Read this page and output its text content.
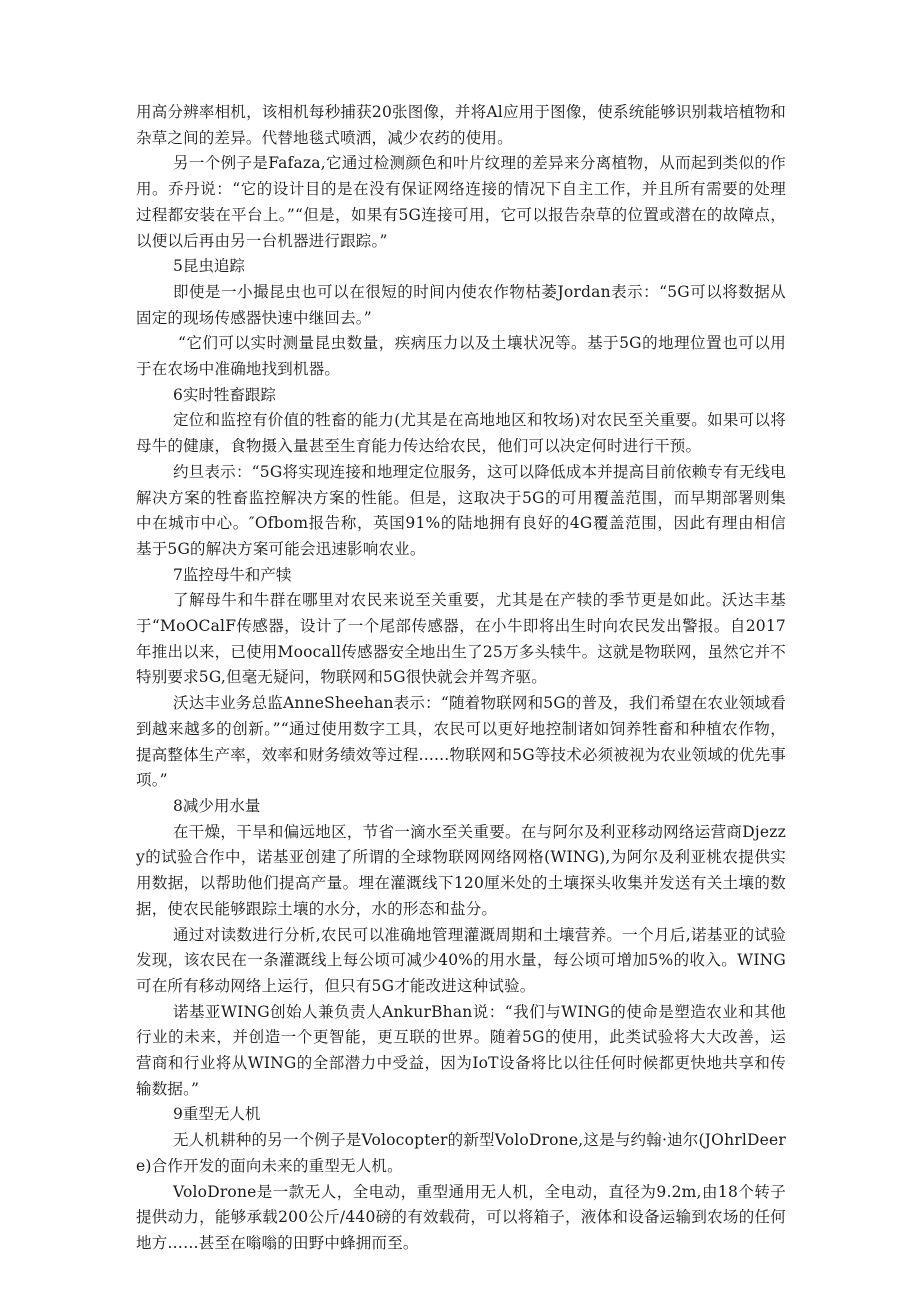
用高分辨率相机，该相机每秒捕获20张图像，并将Al应用于图像，使系统能够识别栽培植物和杂草之间的差异。代替地毯式喷洒，减少农药的使用。

另一个例子是Fafaza,它通过检测颜色和叶片纹理的差异来分离植物，从而起到类似的作用。乔丹说：“它的设计目的是在没有保证网络连接的情况下自主工作，并且所有需要的处理过程都安装在平台上。”“但是，如果有5G连接可用，它可以报告杂草的位置或潜在的故障点，以便以后再由另一台机器进行跟踪。”

5昆虫追踪

即使是一小撮昆虫也可以在很短的时间内使农作物枯萎Jordan表示：“5G可以将数据从固定的现场传感器快速中继回去。”

“它们可以实时测量昆虫数量，疾病压力以及土壤状况等。基于5G的地理位置也可以用于在农场中准确地找到机器。

6实时牲畜跟踪

定位和监控有价值的牲畜的能力(尤其是在高地地区和牧场)对农民至关重要。如果可以将母牛的健康，食物摄入量甚至生育能力传达给农民，他们可以决定何时进行干预。

约旦表示：“5G将实现连接和地理定位服务，这可以降低成本并提高目前依赖专有无线电解决方案的牲畜监控解决方案的性能。但是，这取决于5G的可用覆盖范围，而早期部署则集中在城市中心。″Ofbom报告称，英国91%的陆地拥有良好的4G覆盖范围，因此有理由相信基于5G的解决方案可能会迅速影响农业。

7监控母牛和产犊

了解母牛和牛群在哪里对农民来说至关重要，尤其是在产犊的季节更是如此。沃达丰基于“MoOCalF传感器，设计了一个尾部传感器，在小牛即将出生时向农民发出警报。自2017年推出以来，已使用Moocall传感器安全地出生了25万多头犊牛。这就是物联网，虽然它并不特别要求5G,但毫无疑问，物联网和5G很快就会并驾齐驱。

沃达丰业务总监AnneSheehan表示：“随着物联网和5G的普及，我们希望在农业领域看到越来越多的创新。”“通过使用数字工具，农民可以更好地控制诸如饲养牲畜和种植农作物，提高整体生产率，效率和财务绩效等过程......物联网和5G等技术必须被视为农业领域的优先事项。”

8减少用水量

在干燥，干旱和偏远地区，节省一滴水至关重要。在与阿尔及利亚移动网络运营商Djezzy的试验合作中，诺基亚创建了所谓的全球物联网网络网格(WING),为阿尔及利亚桃农提供实用数据，以帮助他们提高产量。埋在灌溉线下120厘米处的土壤探头收集并发送有关土壤的数据，使农民能够跟踪土壤的水分，水的形态和盐分。

通过对读数进行分析,农民可以准确地管理灌溉周期和土壤营养。一个月后,诺基亚的试验发现，该农民在一条灌溉线上每公顷可减少40%的用水量，每公顷可增加5%的收入。WING可在所有移动网络上运行，但只有5G才能改进这种试验。

诺基亚WING创始人兼负责人AnkurBhan说：“我们与WING的使命是塑造农业和其他行业的未来，并创造一个更智能，更互联的世界。随着5G的使用，此类试验将大大改善，运营商和行业将从WING的全部潜力中受益，因为IoT设备将比以往任何时候都更快地共享和传输数据。”

9重型无人机

无人机耕种的另一个例子是Volocopter的新型VoloDrone,这是与约翰·迪尔(JOhrlDeere)合作开发的面向未来的重型无人机。

VoloDrone是一款无人，全电动，重型通用无人机，全电动，直径为9.2m,由18个转子提供动力，能够承载200公斤/440磅的有效载荷，可以将箱子，液体和设备运输到农场的任何地方……甚至在嗡嗡的田野中蜂拥而至。
